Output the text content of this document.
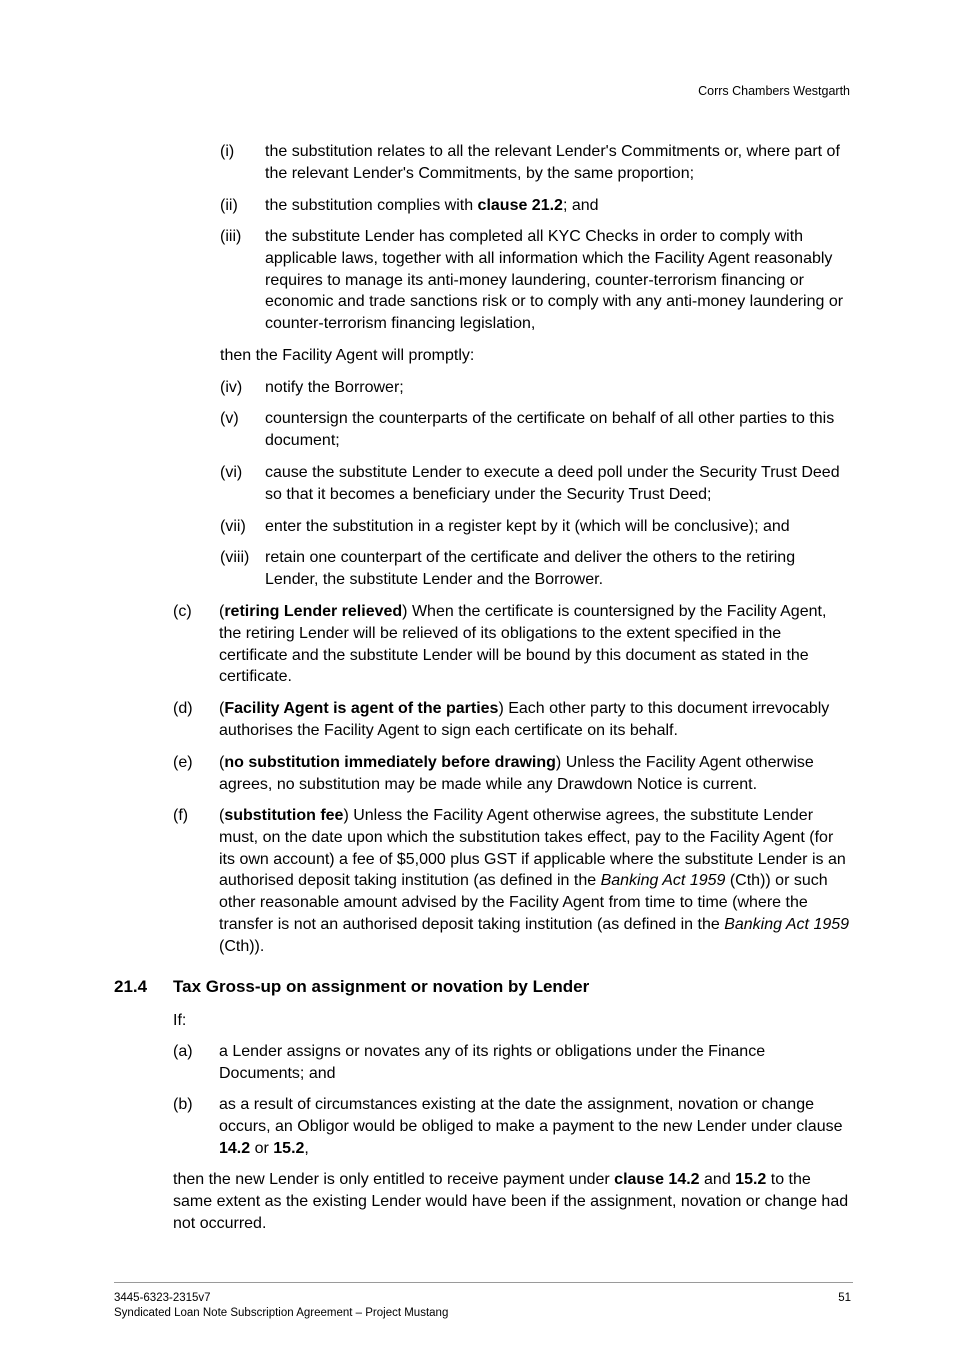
Corrs Chambers Westgarth
(i) the substitution relates to all the relevant Lender's Commitments or, where part of the relevant Lender's Commitments, by the same proportion;
(ii) the substitution complies with clause 21.2; and
(iii) the substitute Lender has completed all KYC Checks in order to comply with applicable laws, together with all information which the Facility Agent reasonably requires to manage its anti-money laundering, counter-terrorism financing or economic and trade sanctions risk or to comply with any anti-money laundering or counter-terrorism financing legislation,
then the Facility Agent will promptly:
(iv) notify the Borrower;
(v) countersign the counterparts of the certificate on behalf of all other parties to this document;
(vi) cause the substitute Lender to execute a deed poll under the Security Trust Deed so that it becomes a beneficiary under the Security Trust Deed;
(vii) enter the substitution in a register kept by it (which will be conclusive); and
(viii) retain one counterpart of the certificate and deliver the others to the retiring Lender, the substitute Lender and the Borrower.
(c) (retiring Lender relieved) When the certificate is countersigned by the Facility Agent, the retiring Lender will be relieved of its obligations to the extent specified in the certificate and the substitute Lender will be bound by this document as stated in the certificate.
(d) (Facility Agent is agent of the parties) Each other party to this document irrevocably authorises the Facility Agent to sign each certificate on its behalf.
(e) (no substitution immediately before drawing) Unless the Facility Agent otherwise agrees, no substitution may be made while any Drawdown Notice is current.
(f) (substitution fee) Unless the Facility Agent otherwise agrees, the substitute Lender must, on the date upon which the substitution takes effect, pay to the Facility Agent (for its own account) a fee of $5,000 plus GST if applicable where the substitute Lender is an authorised deposit taking institution (as defined in the Banking Act 1959 (Cth)) or such other reasonable amount advised by the Facility Agent from time to time (where the transfer is not an authorised deposit taking institution (as defined in the Banking Act 1959 (Cth)).
21.4 Tax Gross-up on assignment or novation by Lender
If:
(a) a Lender assigns or novates any of its rights or obligations under the Finance Documents; and
(b) as a result of circumstances existing at the date the assignment, novation or change occurs, an Obligor would be obliged to make a payment to the new Lender under clause 14.2 or 15.2,
then the new Lender is only entitled to receive payment under clause 14.2 and 15.2 to the same extent as the existing Lender would have been if the assignment, novation or change had not occurred.
3445-6323-2315v7
Syndicated Loan Note Subscription Agreement – Project Mustang
51
